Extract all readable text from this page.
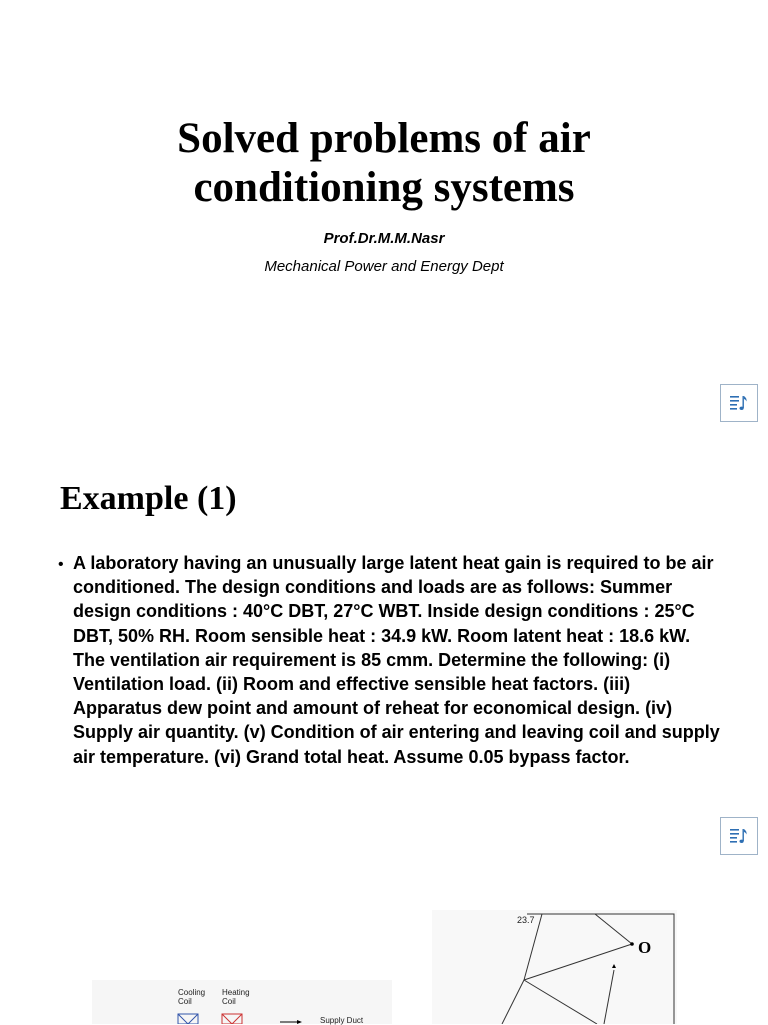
Solved problems of air
conditioning systems
Prof.Dr.M.M.Nasr
Mechanical Power and Energy Dept
Example (1)
• A laboratory having an unusually large latent heat gain is required to be air conditioned. The design conditions and loads are as follows: Summer design conditions : 40°C DBT, 27°C WBT. Inside design conditions : 25°C DBT, 50% RH. Room sensible heat : 34.9 kW. Room latent heat : 18.6 kW. The ventilation air requirement is 85 cmm. Determine the following: (i) Ventilation load. (ii) Room and effective sensible heat factors. (iii) Apparatus dew point and amount of reheat for economical design. (iv) Supply air quantity. (v) Condition of air entering and leaving coil and supply air temperature. (vi) Grand total heat. Assume 0.05 bypass factor.
Cooling Coil
Heating Coil
Supply Duct
23.7
O
